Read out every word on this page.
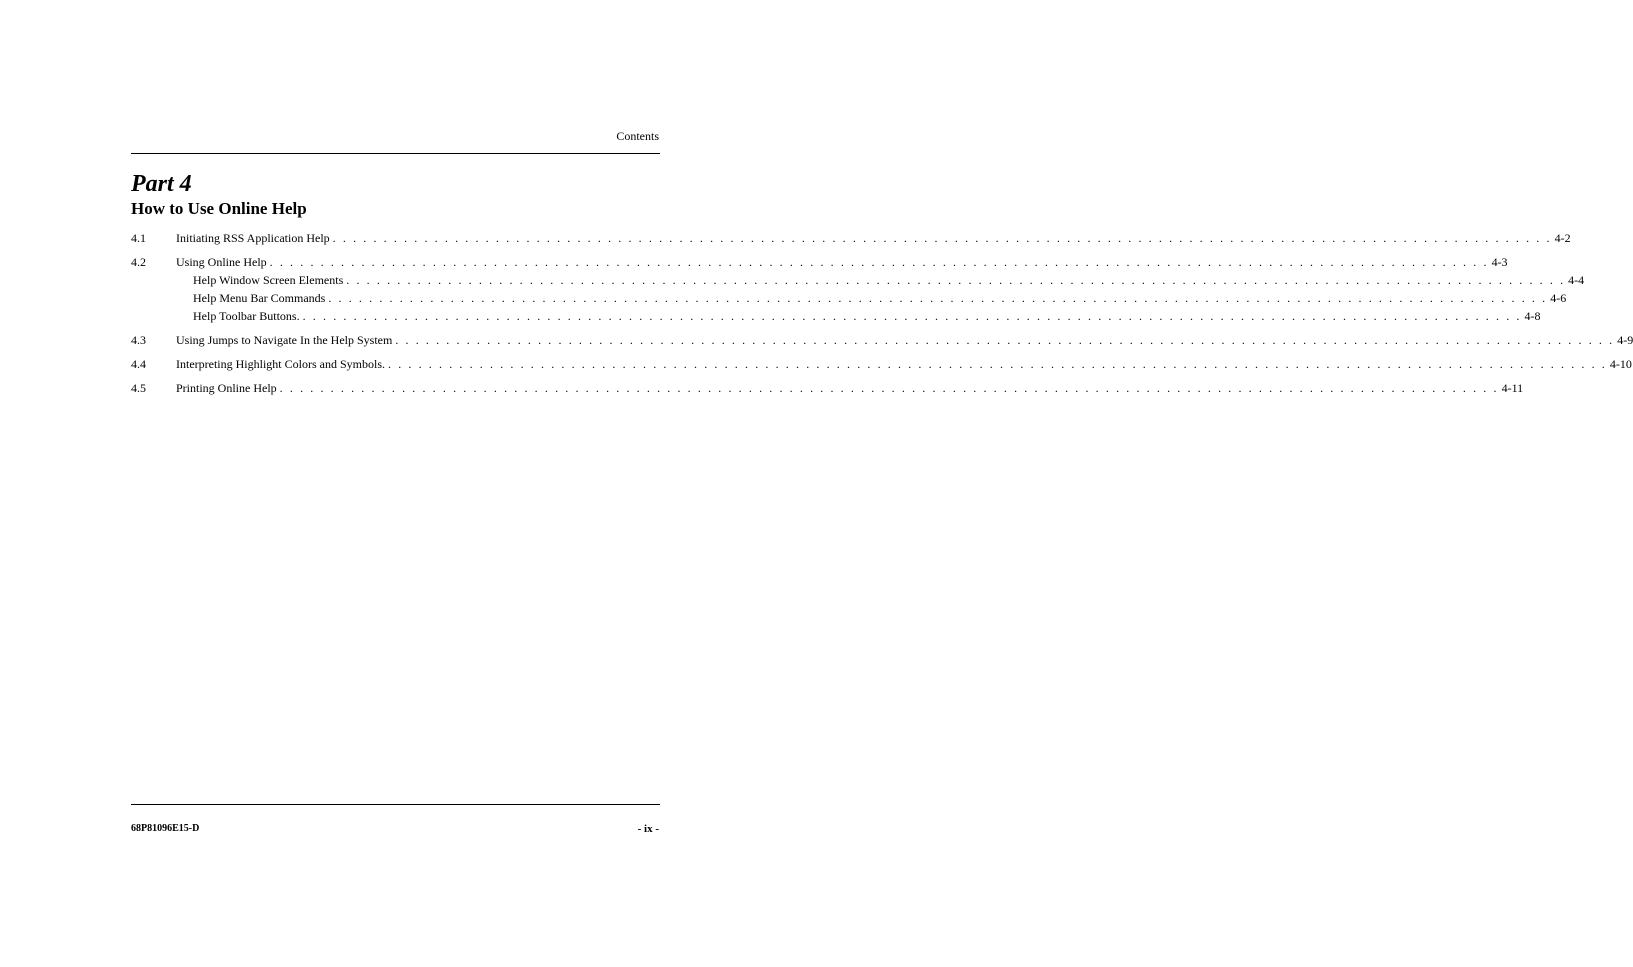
Contents
Part 4
How to Use Online Help
4.1	Initiating RSS Application Help . . . . . . . . . . . . . . . . . . . . . . . . . . . . . . . . . . . . . . . . . . . . . . . . . . . . . . . . . . . . . . . . . . . . . . . . . . . . . . . . . . . . . . . . . . . . . . . . . . . . . . . . . . . . . . . . . . . . . . . . 4-2
4.2	Using Online Help . . . . . . . . . . . . . . . . . . . . . . . . . . . . . . . . . . . . . . . . . . . . . . . . . . . . . . . . . . . . . . . . . . . . . . . . . . . . . . . . . . . . . . . . . . . . . . . . . . . . . . . . . . . . . . . . . . . . . . . . 4-3
Help Window Screen Elements . . . . . . . . . . . . . . . . . . . . . . . . . . . . . . . . . . . . . . . . . . . . . . . . . . . . . . . . . . . . . . . . . . . . . . . . . . . . . . . . . . . . . . . . . . . . . . . . . . . . . . . . . . . . . . . . . . . . . . . . 4-4
Help Menu Bar Commands . . . . . . . . . . . . . . . . . . . . . . . . . . . . . . . . . . . . . . . . . . . . . . . . . . . . . . . . . . . . . . . . . . . . . . . . . . . . . . . . . . . . . . . . . . . . . . . . . . . . . . . . . . . . . . . . . . . . . . . . 4-6
Help Toolbar Buttons. . . . . . . . . . . . . . . . . . . . . . . . . . . . . . . . . . . . . . . . . . . . . . . . . . . . . . . . . . . . . . . . . . . . . . . . . . . . . . . . . . . . . . . . . . . . . . . . . . . . . . . . . . . . . . . . . . . . . . . . . 4-8
4.3	Using Jumps to Navigate In the Help System . . . . . . . . . . . . . . . . . . . . . . . . . . . . . . . . . . . . . . . . . . . . . . . . . . . . . . . . . . . . . . . . . . . . . . . . . . . . . . . . . . . . . . . . . . . . . . . . . . . . . . . . . . . . . . . . . . . . . . . . 4-9
4.4	Interpreting Highlight Colors and Symbols. . . . . . . . . . . . . . . . . . . . . . . . . . . . . . . . . . . . . . . . . . . . . . . . . . . . . . . . . . . . . . . . . . . . . . . . . . . . . . . . . . . . . . . . . . . . . . . . . . . . . . . . . . . . . . . . . . . . . . . . . 4-10
4.5	Printing Online Help . . . . . . . . . . . . . . . . . . . . . . . . . . . . . . . . . . . . . . . . . . . . . . . . . . . . . . . . . . . . . . . . . . . . . . . . . . . . . . . . . . . . . . . . . . . . . . . . . . . . . . . . . . . . . . . . . . . . . . . . 4-11
68P81096E15-D	- ix -
